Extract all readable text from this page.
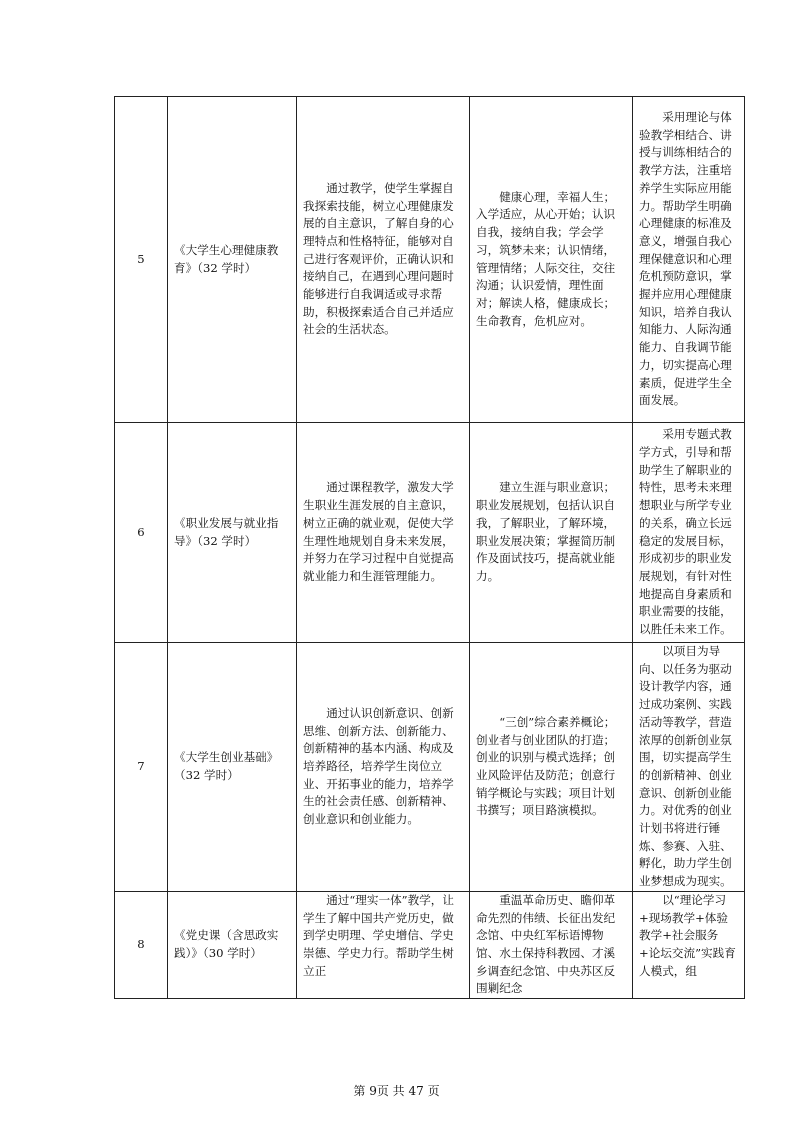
5	《大学生心理健康教育》（32 学时）	通过教学，使学生掌握自我探索技能，树立心理健康发展的自主意识，了解自身的心理特点和性格特征，能够对自己进行客观评价，正确认识和接纳自己，在遇到心理问题时能够进行自我调适或寻求帮助，积极探索适合自己并适应社会的生活状态。	健康心理，幸福人生；入学适应，从心开始；认识自我，接纳自我；学会学习，筑梦未来；认识情绪，管理情绪；人际交往，交往沟通；认识爱情，理性面对；解读人格，健康成长；生命教育，危机应对。	采用理论与体验教学相结合、讲授与训练相结合的教学方法，注重培养学生实际应用能力。帮助学生明确心理健康的标准及意义，增强自我心理保健意识和心理危机预防意识，掌握并应用心理健康知识，培养自我认知能力、人际沟通能力、自我调节能力，切实提高心理素质，促进学生全面发展。
6	《职业发展与就业指导》（32 学时）	通过课程教学，激发大学生职业生涯发展的自主意识，树立正确的就业观，促使大学生理性地规划自身未来发展，并努力在学习过程中自觉提高就业能力和生涯管理能力。	建立生涯与职业意识；职业发展规划，包括认识自我，了解职业，了解环境，职业发展决策；掌握简历制作及面试技巧，提高就业能力。	采用专题式教学方式，引导和帮助学生了解职业的特性，思考未来理想职业与所学专业的关系，确立长远稳定的发展目标，形成初步的职业发展规划，有针对性地提高自身素质和职业需要的技能，以胜任未来工作。
7	《大学生创业基础》（32 学时）	通过认识创新意识、创新思维、创新方法、创新能力、创新精神的基本内涵、构成及培养路径，培养学生岗位立业、开拓事业的能力，培养学生的社会责任感、创新精神、创业意识和创业能力。	“三创”综合素养概论；创业者与创业团队的打造；创业的识别与模式选择；创业风险评估及防范；创意行销学概论与实践；项目计划书撰写；项目路演模拟。	以项目为导向、以任务为驱动设计教学内容，通过成功案例、实践活动等教学，营造浓厚的创新创业氛围，切实提高学生的创新精神、创业意识、创新创业能力。对优秀的创业计划书将进行锤炼、参赛、入驻、孵化，助力学生创业梦想成为现实。
8	《党史课（含思政实践）》（30 学时）	通过“理实一体”教学，让学生了解中国共产党历史，做到学史明理、学史增信、学史崇德、学史力行。帮助学生树立正	重温革命历史、瞻仰革命先烈的伟绩、长征出发纪念馆、中央红军标语博物馆、水土保持科教园、才溪乡调查纪念馆、中央苏区反围剿纪念	以“理论学习+现场教学+体验教学+社会服务+论坛交流”实践育人模式，组
第 9页 共 47 页
